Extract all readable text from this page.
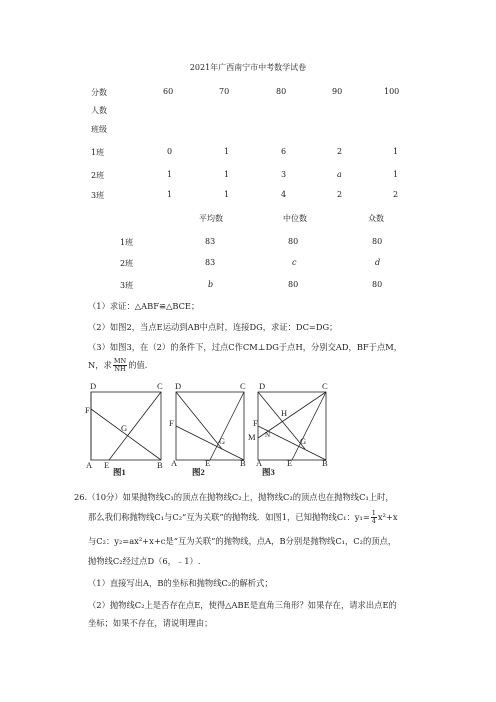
2021年广西南宁市中考数学试卷
分数	60	70	80	90	100
人数
班级
1班	0	1	6	2	1
2班	1	1	3	a	1
3班	1	1	4	2	2
平均数	中位数	众数
1班	83	80	80
2班	83	c	d
3班	b	80	80
（1）求证：△ABF≌△BCE；
（2）如图2，当点E运动到AB中点时，连接DG，求证：DC=DG；
（3）如图3，在（2）的条件下，过点C作CM⊥DG于点H，分别交AD，BF于点M，
N，求 $\frac{MN}{NH}$ 的值.
D	C
F
G
A E	B
D	C
F
G
A	E	B
D	C
H
F
M N
G
A	E	B
图1	图2	图3
26.（10分）如果抛物线C₁的顶点在抛物线C₂上，抛物线C₂的顶点也在抛物线C₁上时，
那么我们称抛物线C₁与C₂“互为关联”的抛物线．如图1，已知抛物线C₁：$y_1= \frac{1}{4} x^2+x$
与C₂：y₂=ax²+x+c是“互为关联”的抛物线，点A，B分别是抛物线C₁，C₂的顶点，
抛物线C₂经过点D（6，﹣1）.
（1）直接写出A，B的坐标和抛物线C₂的解析式；
（2）抛物线C₂上是否存在点E，使得△ABE是直角三角形？如果存在，请求出点E的
坐标；如果不存在，请说明理由；
